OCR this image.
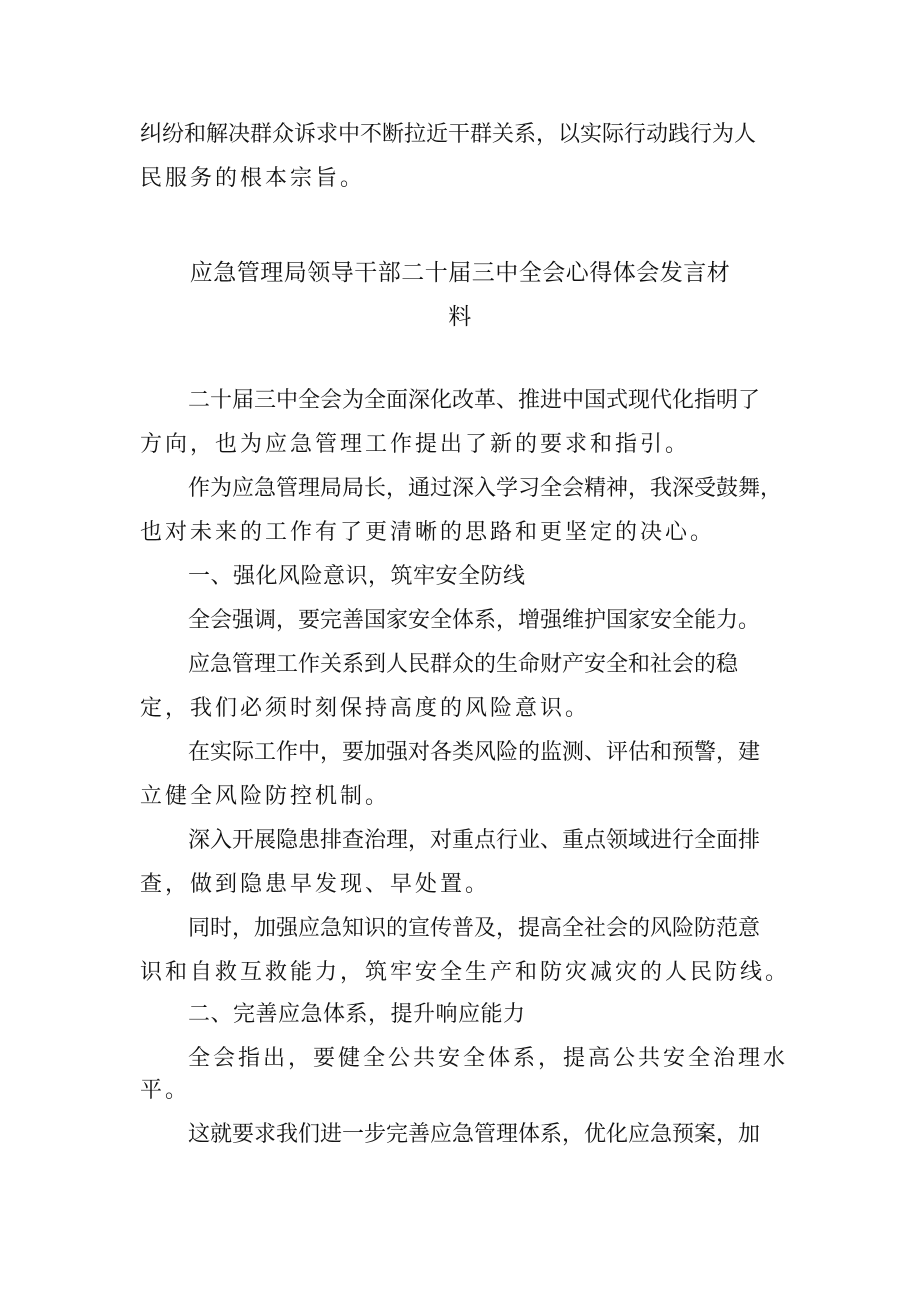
纠纷和解决群众诉求中不断拉近干群关系，以实际行动践行为人
民服务的根本宗旨。
应急管理局领导干部二十届三中全会心得体会发言材
料
二十届三中全会为全面深化改革、推进中国式现代化指明了
方向，也为应急管理工作提出了新的要求和指引。
作为应急管理局局长，通过深入学习全会精神，我深受鼓舞，
也对未来的工作有了更清晰的思路和更坚定的决心。
一、强化风险意识，筑牢安全防线
全会强调，要完善国家安全体系，增强维护国家安全能力。
应急管理工作关系到人民群众的生命财产安全和社会的稳
定，我们必须时刻保持高度的风险意识。
在实际工作中，要加强对各类风险的监测、评估和预警，建
立健全风险防控机制。
深入开展隐患排查治理，对重点行业、重点领域进行全面排
查，做到隐患早发现、早处置。
同时，加强应急知识的宣传普及，提高全社会的风险防范意
识和自救互救能力，筑牢安全生产和防灾减灾的人民防线。
二、完善应急体系，提升响应能力
全会指出，要健全公共安全体系，提高公共安全治理水
平。
这就要求我们进一步完善应急管理体系，优化应急预案，加
